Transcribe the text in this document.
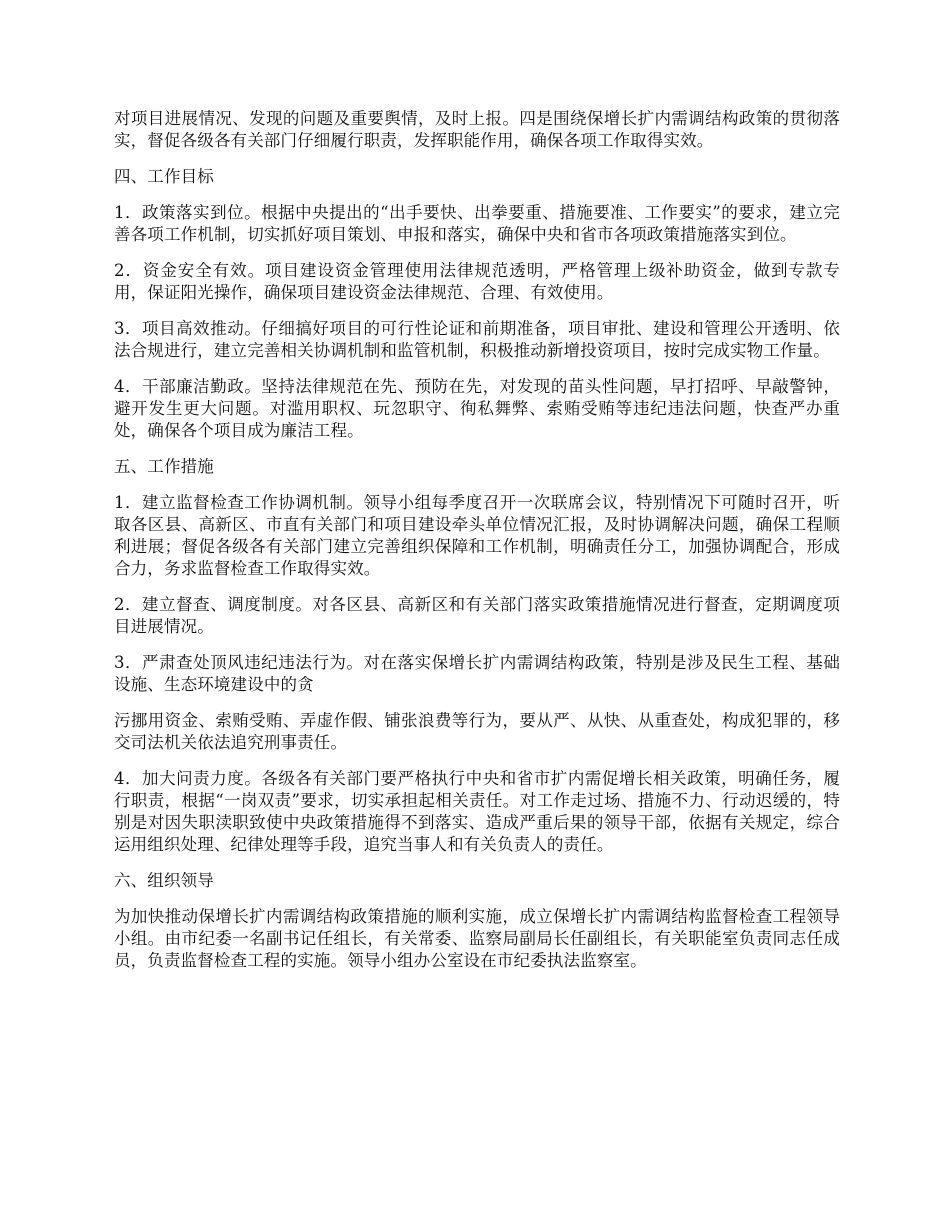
对项目进展情况、发现的问题及重要舆情，及时上报。四是围绕保增长扩内需调结构政策的贯彻落实，督促各级各有关部门仔细履行职责，发挥职能作用，确保各项工作取得实效。

四、工作目标

1．政策落实到位。根据中央提出的“出手要快、出拳要重、措施要准、工作要实”的要求，建立完善各项工作机制，切实抓好项目策划、申报和落实，确保中央和省市各项政策措施落实到位。

2．资金安全有效。项目建设资金管理使用法律规范透明，严格管理上级补助资金，做到专款专用，保证阳光操作，确保项目建设资金法律规范、合理、有效使用。

3．项目高效推动。仔细搞好项目的可行性论证和前期准备，项目审批、建设和管理公开透明、依法合规进行，建立完善相关协调机制和监管机制，积极推动新增投资项目，按时完成实物工作量。

4．干部廉洁勤政。坚持法律规范在先、预防在先，对发现的苗头性问题，早打招呼、早敲警钟，避开发生更大问题。对滥用职权、玩忽职守、徇私舞弊、索贿受贿等违纪违法问题，快查严办重处，确保各个项目成为廉洁工程。

五、工作措施

1．建立监督检查工作协调机制。领导小组每季度召开一次联席会议，特别情况下可随时召开，听取各区县、高新区、市直有关部门和项目建设牵头单位情况汇报，及时协调解决问题，确保工程顺利进展；督促各级各有关部门建立完善组织保障和工作机制，明确责任分工，加强协调配合，形成合力，务求监督检查工作取得实效。

2．建立督查、调度制度。对各区县、高新区和有关部门落实政策措施情况进行督查，定期调度项目进展情况。

3．严肃查处顶风违纪违法行为。对在落实保增长扩内需调结构政策，特别是涉及民生工程、基础设施、生态环境建设中的贪

污挪用资金、索贿受贿、弄虚作假、铺张浪费等行为，要从严、从快、从重查处，构成犯罪的，移交司法机关依法追究刑事责任。

4．加大问责力度。各级各有关部门要严格执行中央和省市扩内需促增长相关政策，明确任务，履行职责，根据“一岗双责”要求，切实承担起相关责任。对工作走过场、措施不力、行动迟缓的，特别是对因失职渎职致使中央政策措施得不到落实、造成严重后果的领导干部，依据有关规定，综合运用组织处理、纪律处理等手段，追究当事人和有关负责人的责任。

六、组织领导

为加快推动保增长扩内需调结构政策措施的顺利实施，成立保增长扩内需调结构监督检查工程领导小组。由市纪委一名副书记任组长，有关常委、监察局副局长任副组长，有关职能室负责同志任成员，负责监督检查工程的实施。领导小组办公室设在市纪委执法监察室。
